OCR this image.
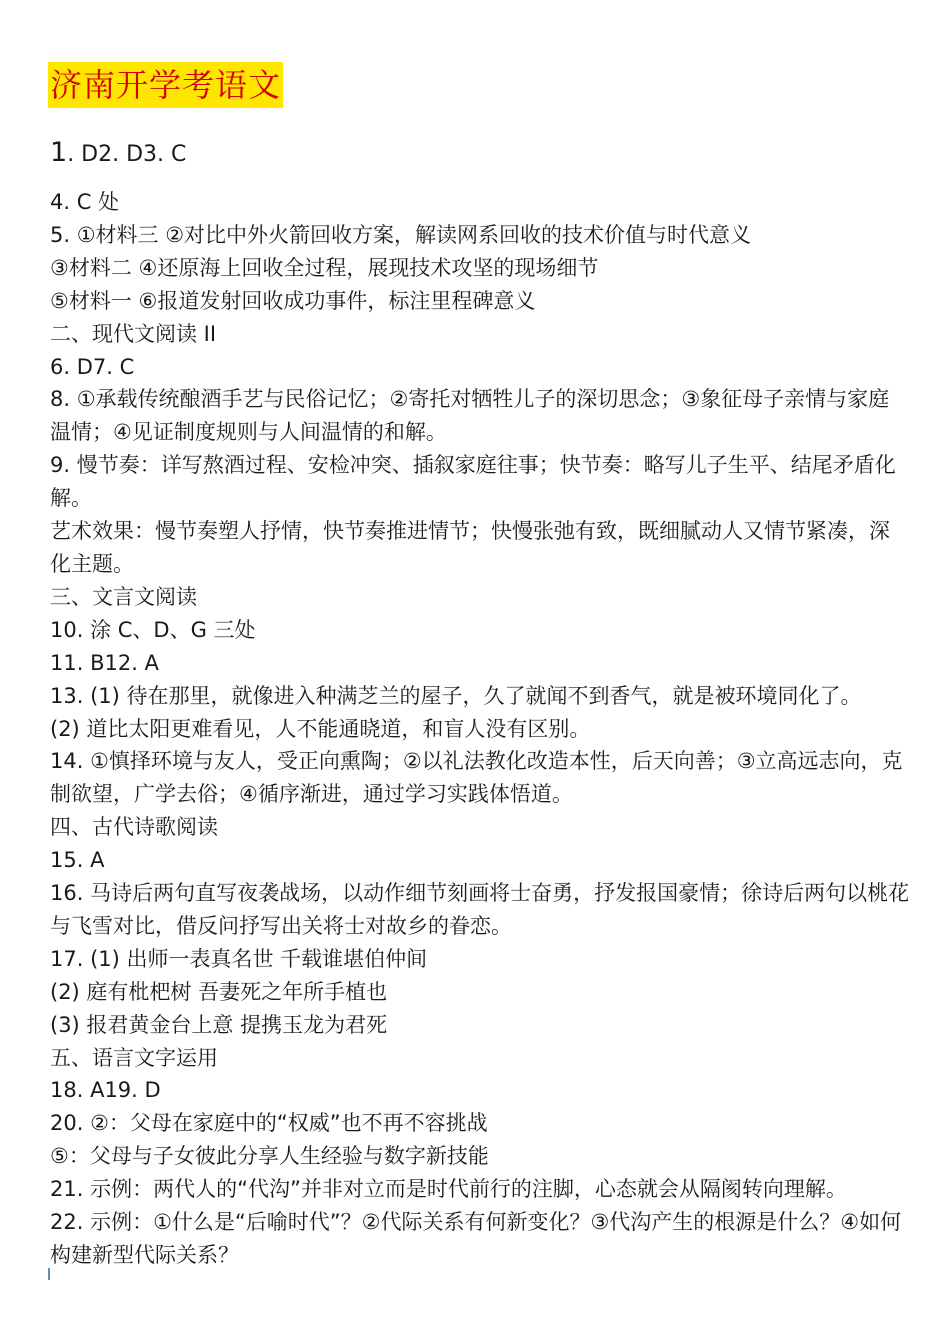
济南开学考语文
1. D2. D3. C
4. C 处
5. ①材料三 ②对比中外火箭回收方案，解读网系回收的技术价值与时代意义
③材料二 ④还原海上回收全过程，展现技术攻坚的现场细节
⑤材料一 ⑥报道发射回收成功事件，标注里程碑意义
二、现代文阅读 II
6. D7. C
8. ①承载传统酿酒手艺与民俗记忆；②寄托对牺牲儿子的深切思念；③象征母子亲情与家庭
温情；④见证制度规则与人间温情的和解。
9. 慢节奏：详写熬酒过程、安检冲突、插叙家庭往事；快节奏：略写儿子生平、结尾矛盾化
解。
艺术效果：慢节奏塑人抒情，快节奏推进情节；快慢张弛有致，既细腻动人又情节紧凑，深
化主题。
三、文言文阅读
10. 涂 C、D、G 三处
11. B12. A
13. (1) 待在那里，就像进入种满芝兰的屋子，久了就闻不到香气，就是被环境同化了。
(2) 道比太阳更难看见，人不能通晓道，和盲人没有区别。
14. ①慎择环境与友人，受正向熏陶；②以礼法教化改造本性，后天向善；③立高远志向，克
制欲望，广学去俗；④循序渐进，通过学习实践体悟道。
四、古代诗歌阅读
15. A
16. 马诗后两句直写夜袭战场，以动作细节刻画将士奋勇，抒发报国豪情；徐诗后两句以桃花
与飞雪对比，借反问抒写出关将士对故乡的眷恋。
17. (1) 出师一表真名世 千载谁堪伯仲间
(2) 庭有枇杷树 吾妻死之年所手植也
(3) 报君黄金台上意 提携玉龙为君死
五、语言文字运用
18. A19. D
20. ②：父母在家庭中的“权威”也不再不容挑战
⑤：父母与子女彼此分享人生经验与数字新技能
21. 示例：两代人的“代沟”并非对立而是时代前行的注脚，心态就会从隔阂转向理解。
22. 示例：①什么是“后喻时代”？②代际关系有何新变化？③代沟产生的根源是什么？④如何
构建新型代际关系？
